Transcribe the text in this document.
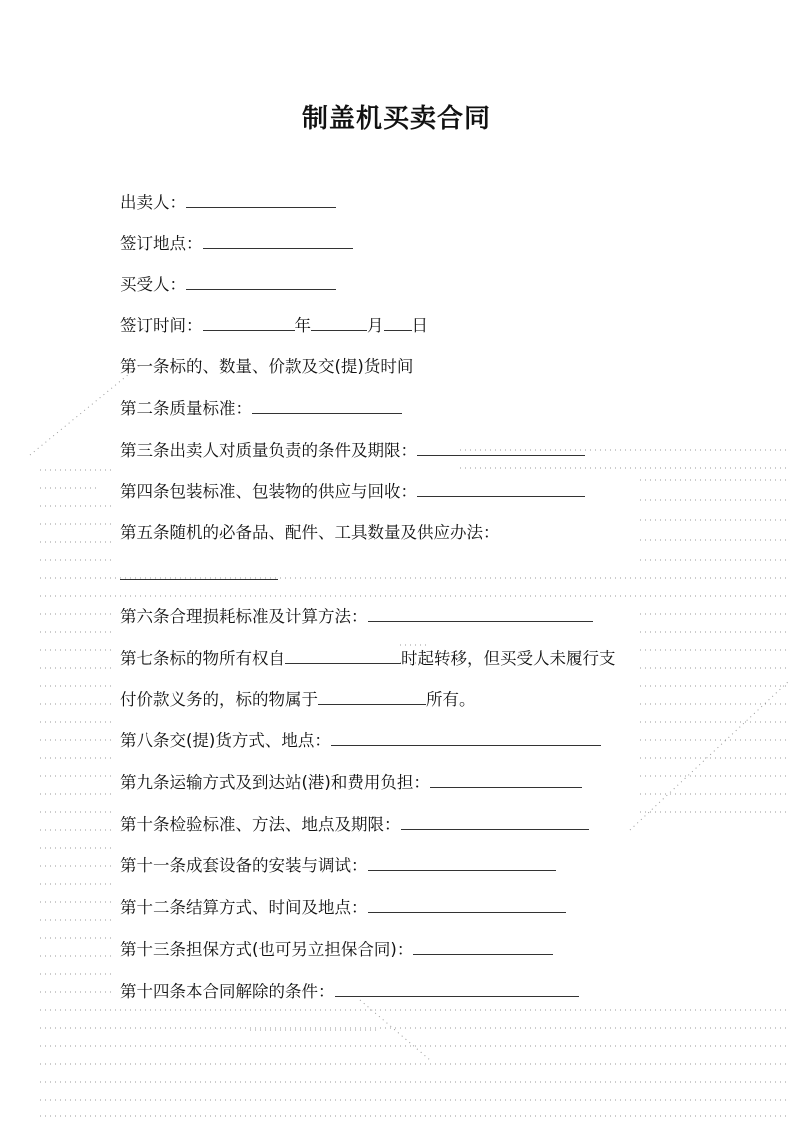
制盖机买卖合同
出卖人：
签订地点：
买受人：
签订时间：	年	月 日
第一条标的、数量、价款及交(提)货时间
第二条质量标准：
第三条出卖人对质量负责的条件及期限：
第四条包装标准、包装物的供应与回收：
第五条随机的必备品、配件、工具数量及供应办法：
第六条合理损耗标准及计算方法：
第七条标的物所有权自	时起转移，但买受人未履行支
付价款义务的，标的物属于	所有。
第八条交(提)货方式、地点：
第九条运输方式及到达站(港)和费用负担：
第十条检验标准、方法、地点及期限：
第十一条成套设备的安装与调试：
第十二条结算方式、时间及地点：
第十三条担保方式(也可另立担保合同)：
第十四条本合同解除的条件：
